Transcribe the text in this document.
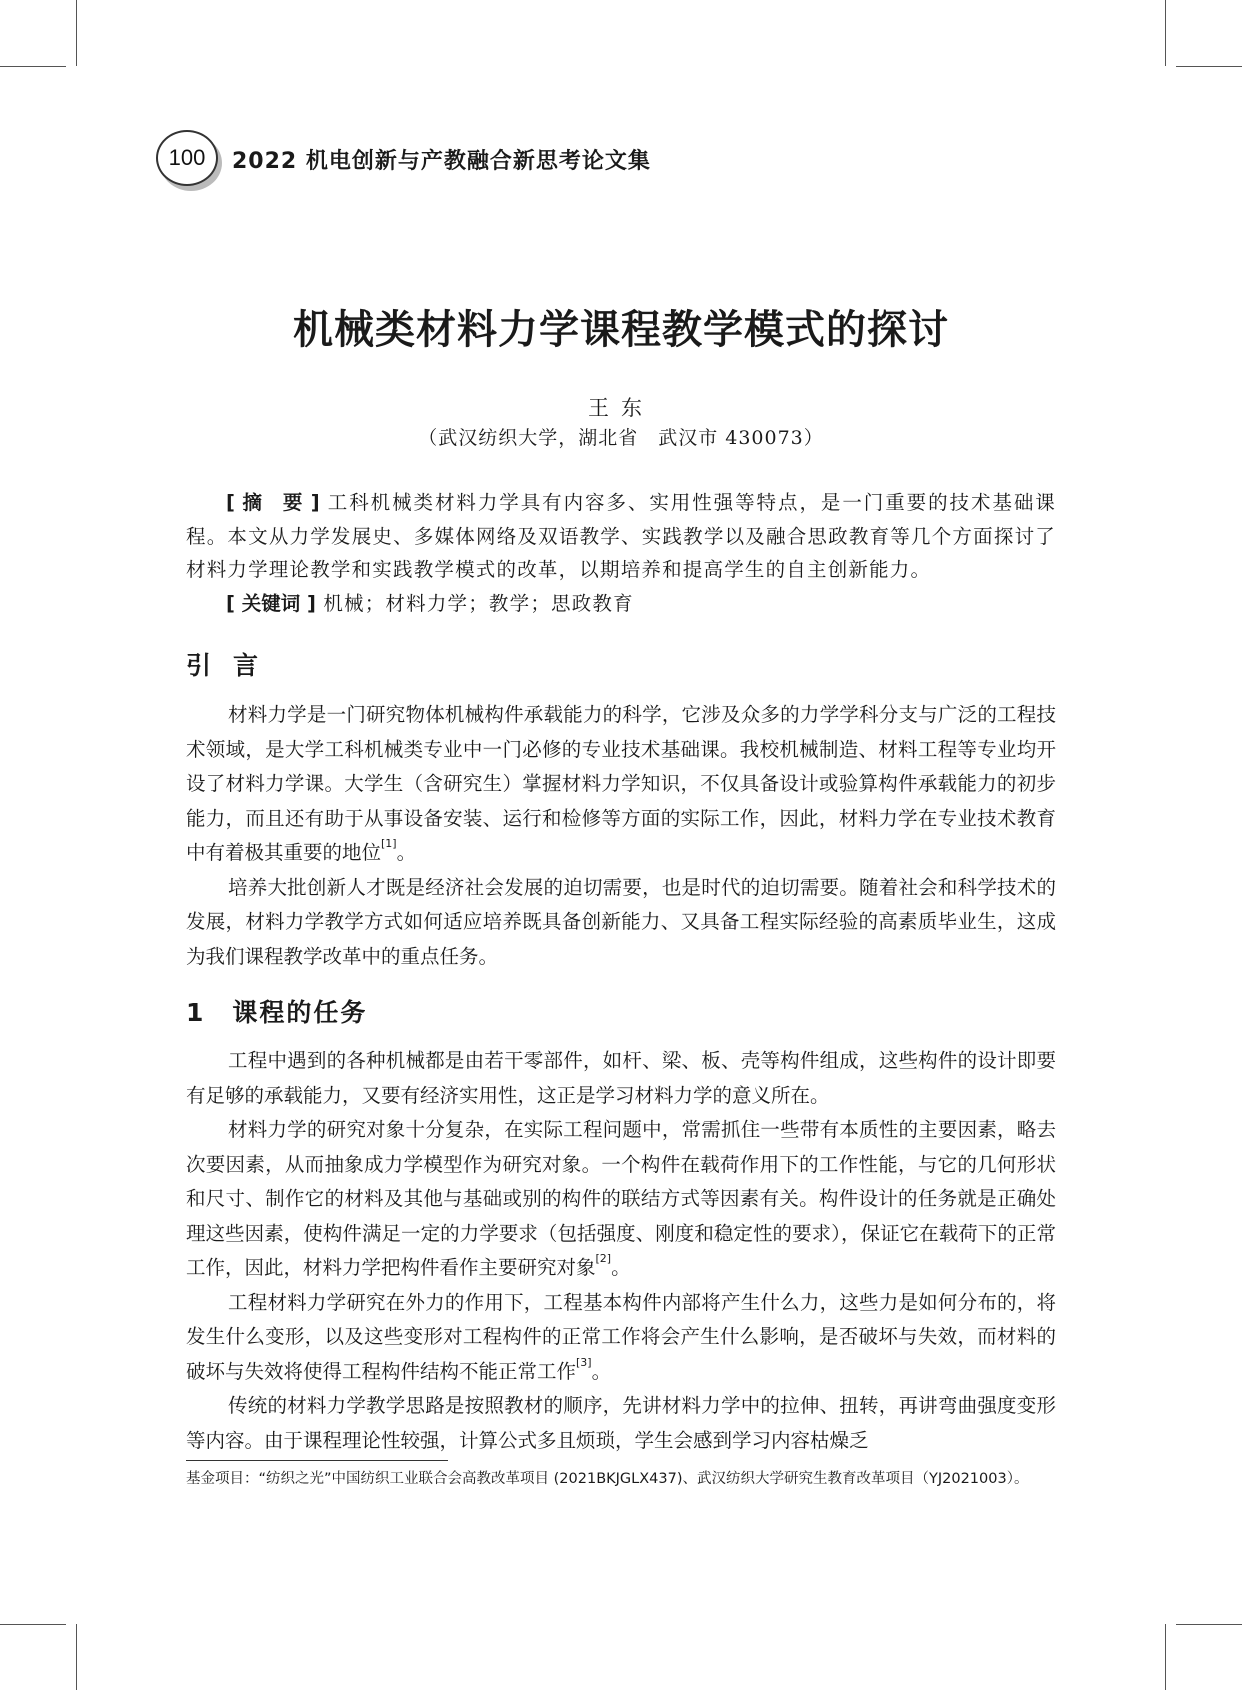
100	2022 机电创新与产教融合新思考论文集
机械类材料力学课程教学模式的探讨
王东
（武汉纺织大学，湖北省　武汉市 430073）

[ 摘　要 ] 工科机械类材料力学具有内容多、实用性强等特点，是一门重要的技术基础课程。本文从力学发展史、多媒体网络及双语教学、实践教学以及融合思政教育等几个方面探讨了材料力学理论教学和实践教学模式的改革，以期培养和提高学生的自主创新能力。

[ 关键词 ] 机械；材料力学；教学；思政教育

引言

材料力学是一门研究物体机械构件承载能力的科学，它涉及众多的力学学科分支与广泛的工程技术领域，是大学工科机械类专业中一门必修的专业技术基础课。我校机械制造、材料工程等专业均开设了材料力学课。大学生（含研究生）掌握材料力学知识，不仅具备设计或验算构件承载能力的初步能力，而且还有助于从事设备安装、运行和检修等方面的实际工作，因此，材料力学在专业技术教育中有着极其重要的地位[1]。

培养大批创新人才既是经济社会发展的迫切需要，也是时代的迫切需要。随着社会和科学技术的发展，材料力学教学方式如何适应培养既具备创新能力、又具备工程实际经验的高素质毕业生，这成为我们课程教学改革中的重点任务。

1　课程的任务

工程中遇到的各种机械都是由若干零部件，如杆、梁、板、壳等构件组成，这些构件的设计即要有足够的承载能力，又要有经济实用性，这正是学习材料力学的意义所在。

材料力学的研究对象十分复杂，在实际工程问题中，常需抓住一些带有本质性的主要因素，略去次要因素，从而抽象成力学模型作为研究对象。一个构件在载荷作用下的工作性能，与它的几何形状和尺寸、制作它的材料及其他与基础或别的构件的联结方式等因素有关。构件设计的任务就是正确处理这些因素，使构件满足一定的力学要求（包括强度、刚度和稳定性的要求），保证它在载荷下的正常工作，因此，材料力学把构件看作主要研究对象[2]。

工程材料力学研究在外力的作用下，工程基本构件内部将产生什么力，这些力是如何分布的，将发生什么变形，以及这些变形对工程构件的正常工作将会产生什么影响，是否破坏与失效，而材料的破坏与失效将使得工程构件结构不能正常工作[3]。

传统的材料力学教学思路是按照教材的顺序，先讲材料力学中的拉伸、扭转，再讲弯曲强度变形等内容。由于课程理论性较强，计算公式多且烦琐，学生会感到学习内容枯燥乏

基金项目：“纺织之光”中国纺织工业联合会高教改革项目 (2021BKJGLX437)、武汉纺织大学研究生教育改革项目（YJ2021003）。
